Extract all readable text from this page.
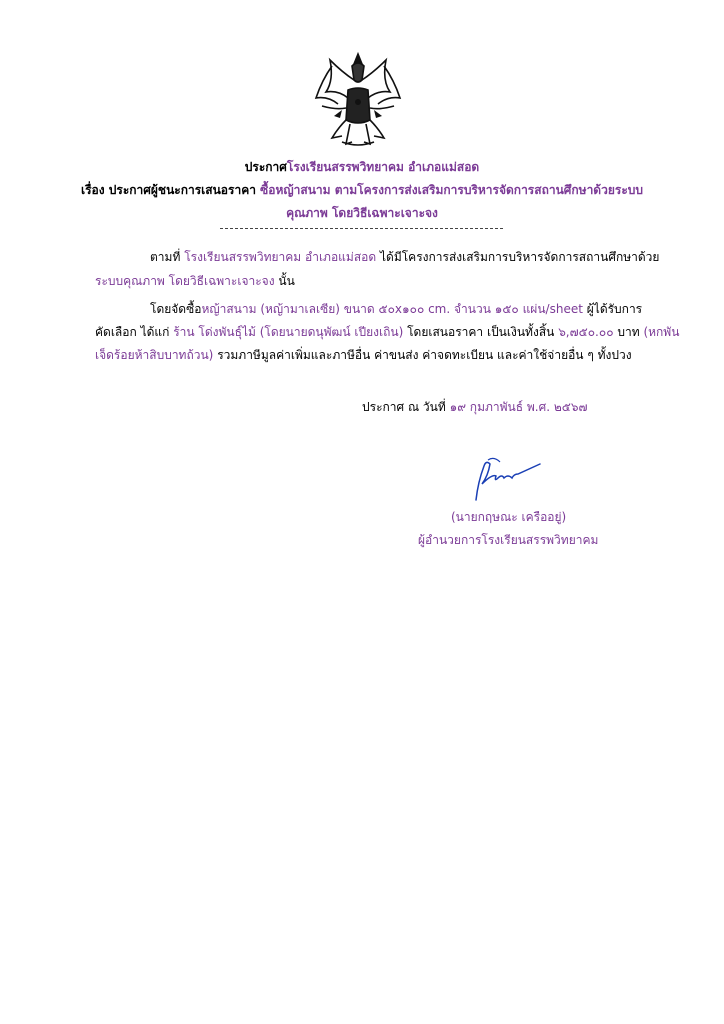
ประกาศโรงเรียนสรรพวิทยาคม อำเภอแม่สอด
เรื่อง ประกาศผู้ชนะการเสนอราคา ซื้อหญ้าสนาม ตามโครงการส่งเสริมการบริหารจัดการสถานศึกษาด้วยระบบ
คุณภาพ โดยวิธีเฉพาะเจาะจง
ตามที่ โรงเรียนสรรพวิทยาคม อำเภอแม่สอด ได้มีโครงการส่งเสริมการบริหารจัดการสถานศึกษาด้วย
ระบบคุณภาพ โดยวิธีเฉพาะเจาะจง นั้น
โดยจัดซื้อหญ้าสนาม (หญ้ามาเลเซีย) ขนาด ๕๐x๑๐๐ cm. จำนวน ๑๕๐ แผ่น/sheet ผู้ได้รับการ
คัดเลือก ได้แก่ ร้าน โด่งพันธุ์ไม้ (โดยนายดนุพัฒน์ เปียงเถิน) โดยเสนอราคา เป็นเงินทั้งสิ้น ๖,๗๕๐.๐๐ บาท (หกพัน
เจ็ดร้อยห้าสิบบาทถ้วน) รวมภาษีมูลค่าเพิ่มและภาษีอื่น ค่าขนส่ง ค่าจดทะเบียน และค่าใช้จ่ายอื่น ๆ ทั้งปวง
ประกาศ ณ วันที่ ๑๙ กุมภาพันธ์ พ.ศ. ๒๕๖๗
(นายกฤษณะ เครืออยู่)
ผู้อำนวยการโรงเรียนสรรพวิทยาคม
